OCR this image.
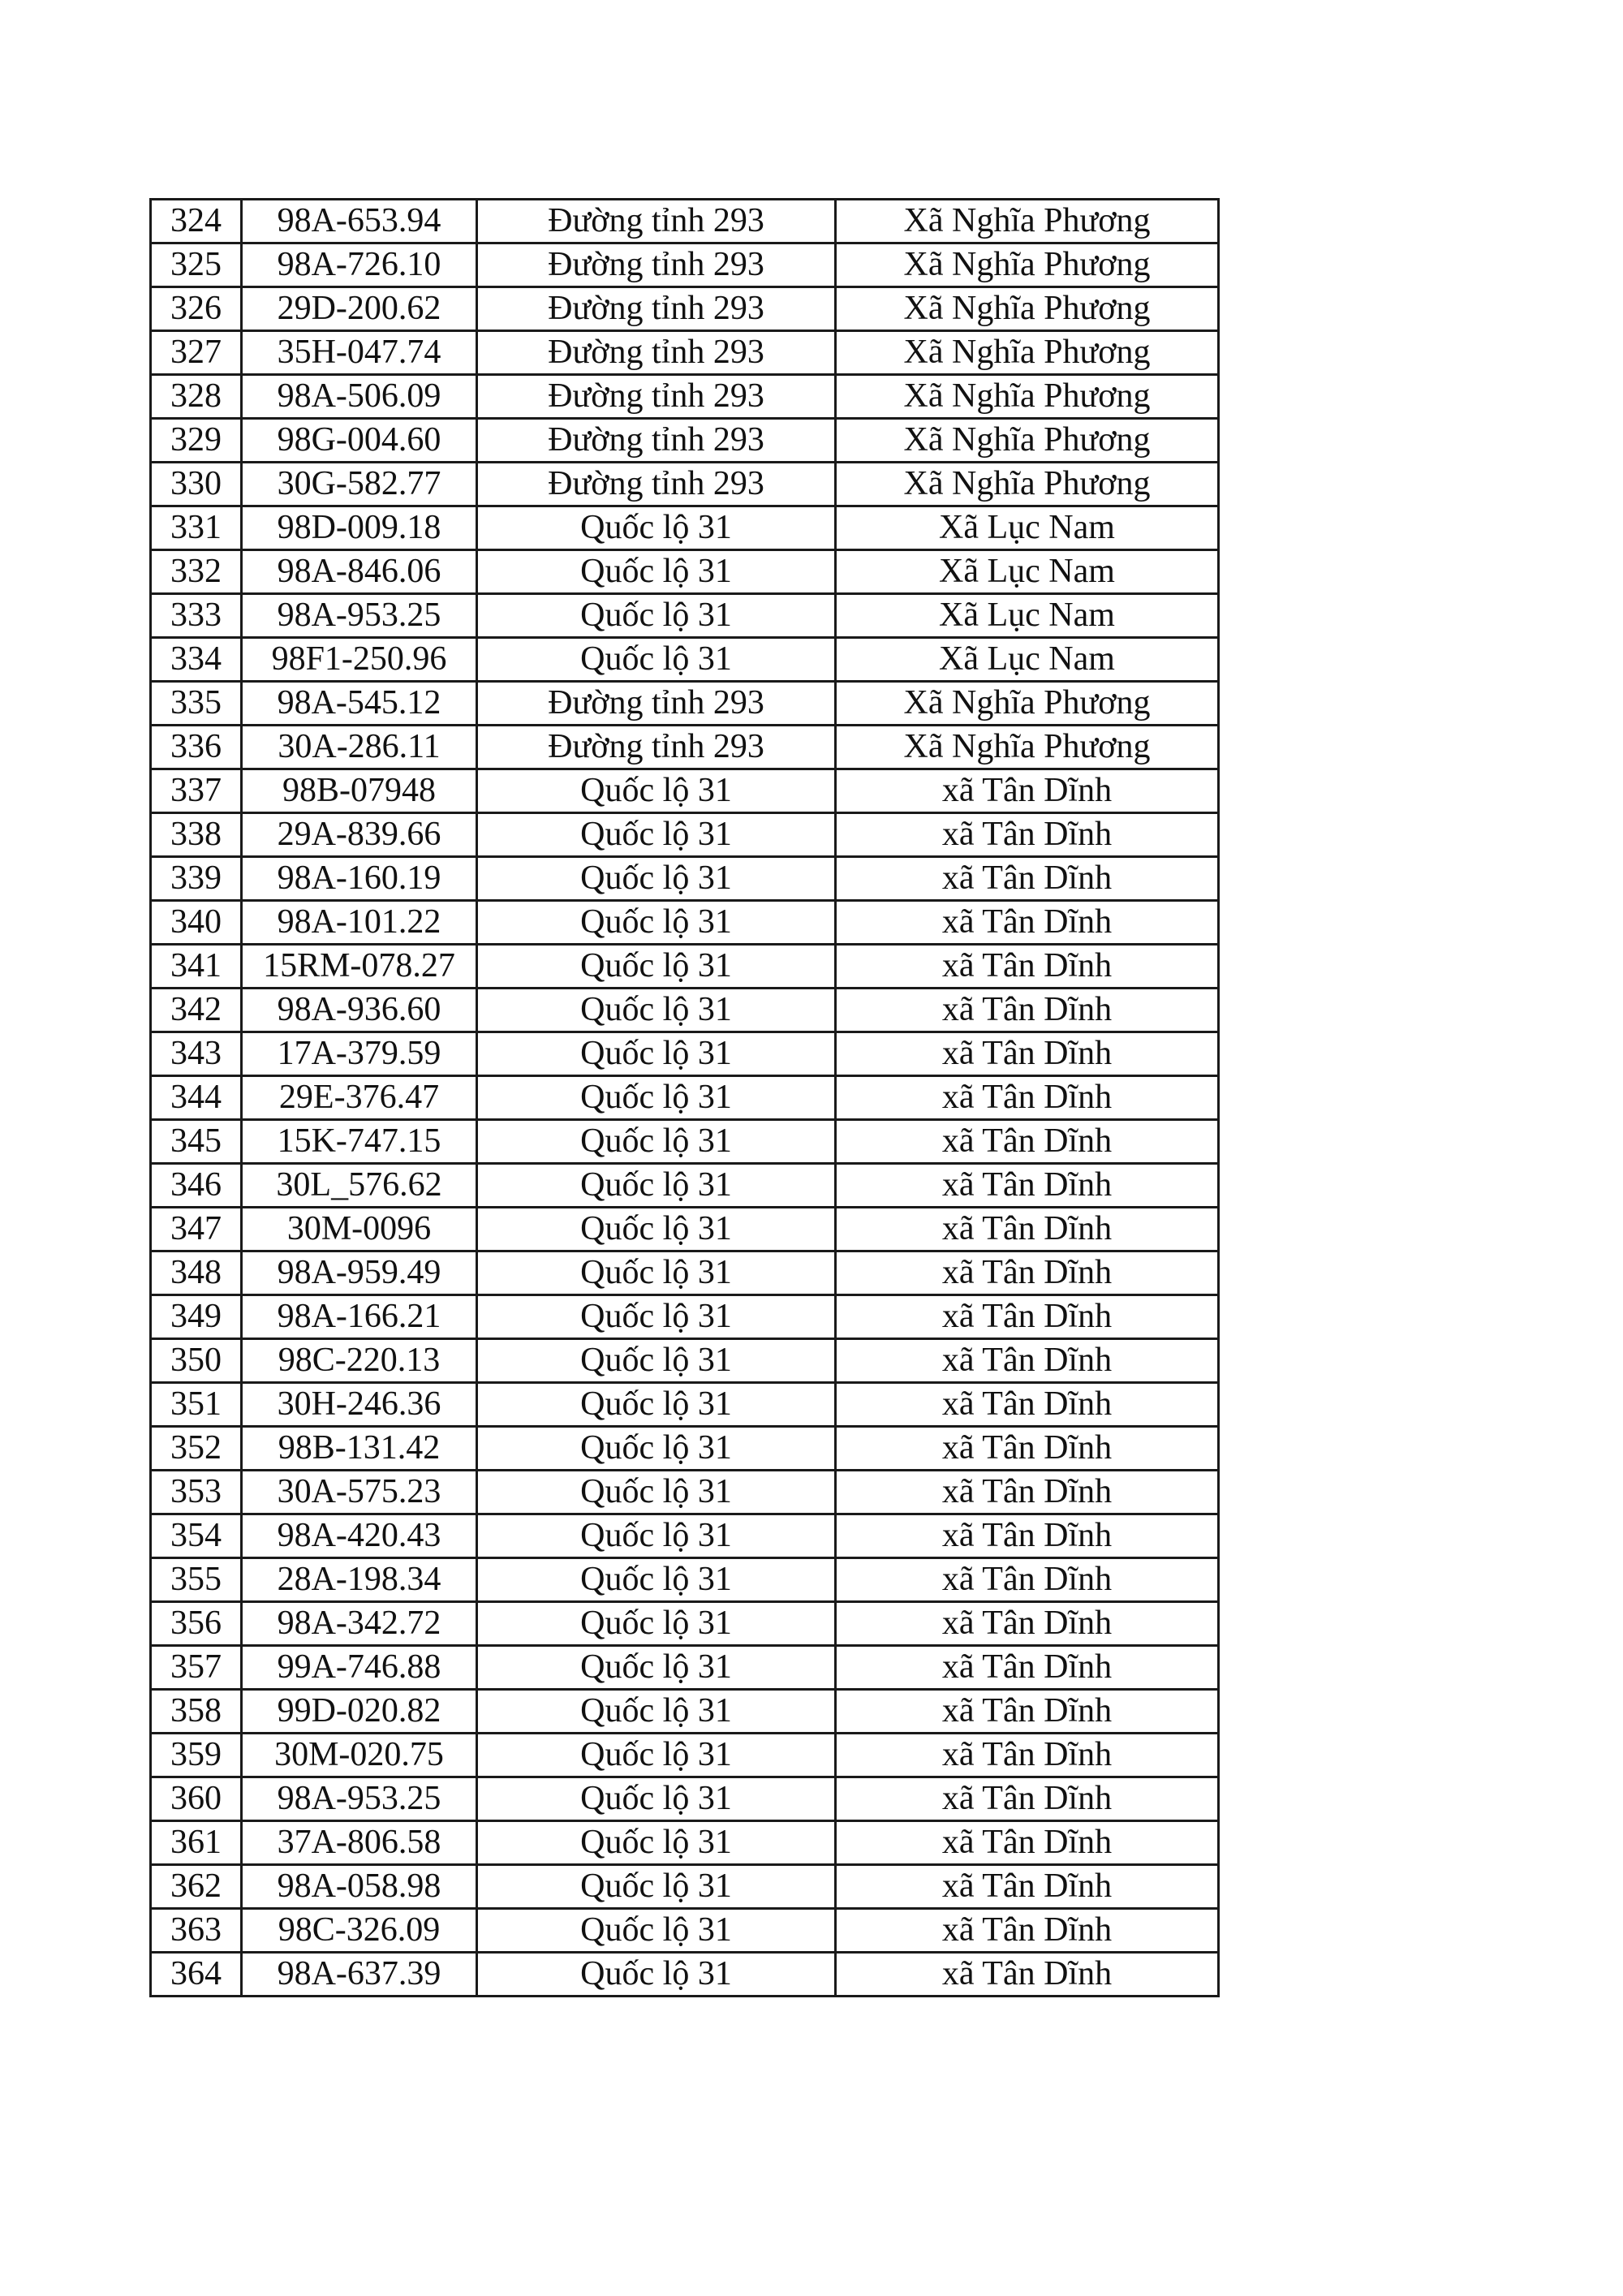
324	98A-653.94	Đường tỉnh 293	Xã Nghĩa Phương
325	98A-726.10	Đường tỉnh 293	Xã Nghĩa Phương
326	29D-200.62	Đường tỉnh 293	Xã Nghĩa Phương
327	35H-047.74	Đường tỉnh 293	Xã Nghĩa Phương
328	98A-506.09	Đường tỉnh 293	Xã Nghĩa Phương
329	98G-004.60	Đường tỉnh 293	Xã Nghĩa Phương
330	30G-582.77	Đường tỉnh 293	Xã Nghĩa Phương
331	98D-009.18	Quốc lộ 31	Xã Lục Nam
332	98A-846.06	Quốc lộ 31	Xã Lục Nam
333	98A-953.25	Quốc lộ 31	Xã Lục Nam
334	98F1-250.96	Quốc lộ 31	Xã Lục Nam
335	98A-545.12	Đường tỉnh 293	Xã Nghĩa Phương
336	30A-286.11	Đường tỉnh 293	Xã Nghĩa Phương
337	98B-07948	Quốc lộ 31	xã Tân Dĩnh
338	29A-839.66	Quốc lộ 31	xã Tân Dĩnh
339	98A-160.19	Quốc lộ 31	xã Tân Dĩnh
340	98A-101.22	Quốc lộ 31	xã Tân Dĩnh
341	15RM-078.27	Quốc lộ 31	xã Tân Dĩnh
342	98A-936.60	Quốc lộ 31	xã Tân Dĩnh
343	17A-379.59	Quốc lộ 31	xã Tân Dĩnh
344	29E-376.47	Quốc lộ 31	xã Tân Dĩnh
345	15K-747.15	Quốc lộ 31	xã Tân Dĩnh
346	30L_576.62	Quốc lộ 31	xã Tân Dĩnh
347	30M-0096	Quốc lộ 31	xã Tân Dĩnh
348	98A-959.49	Quốc lộ 31	xã Tân Dĩnh
349	98A-166.21	Quốc lộ 31	xã Tân Dĩnh
350	98C-220.13	Quốc lộ 31	xã Tân Dĩnh
351	30H-246.36	Quốc lộ 31	xã Tân Dĩnh
352	98B-131.42	Quốc lộ 31	xã Tân Dĩnh
353	30A-575.23	Quốc lộ 31	xã Tân Dĩnh
354	98A-420.43	Quốc lộ 31	xã Tân Dĩnh
355	28A-198.34	Quốc lộ 31	xã Tân Dĩnh
356	98A-342.72	Quốc lộ 31	xã Tân Dĩnh
357	99A-746.88	Quốc lộ 31	xã Tân Dĩnh
358	99D-020.82	Quốc lộ 31	xã Tân Dĩnh
359	30M-020.75	Quốc lộ 31	xã Tân Dĩnh
360	98A-953.25	Quốc lộ 31	xã Tân Dĩnh
361	37A-806.58	Quốc lộ 31	xã Tân Dĩnh
362	98A-058.98	Quốc lộ 31	xã Tân Dĩnh
363	98C-326.09	Quốc lộ 31	xã Tân Dĩnh
364	98A-637.39	Quốc lộ 31	xã Tân Dĩnh
